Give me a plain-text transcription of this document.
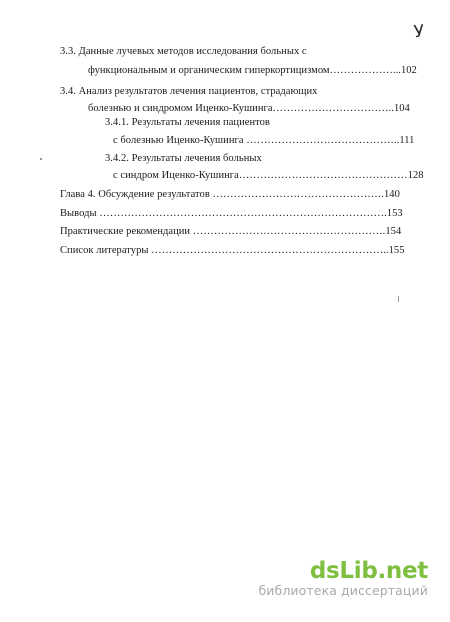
У
3.3. Данные лучевых методов исследования больных с
функциональным и органическим гиперкортицизмом………………...102
3.4. Анализ результатов лечения пациентов, страдающих
болезнью и синдромом Иценко-Кушинга……………………………..104
3.4.1. Результаты лечения пациентов
с болезнью Иценко-Кушинга ……………………………………..111
3.4.2. Результаты лечения больных
с синдром Иценко-Кушинга…………………………………………128
Глава 4. Обсуждение результатов ………………………………………….140
Выводы ……………………………………………………………………….153
Практические рекомендации ……………………………………………….154
Список литературы …………………………………………………………..155
dsLib.net
библиотека диссертаций
